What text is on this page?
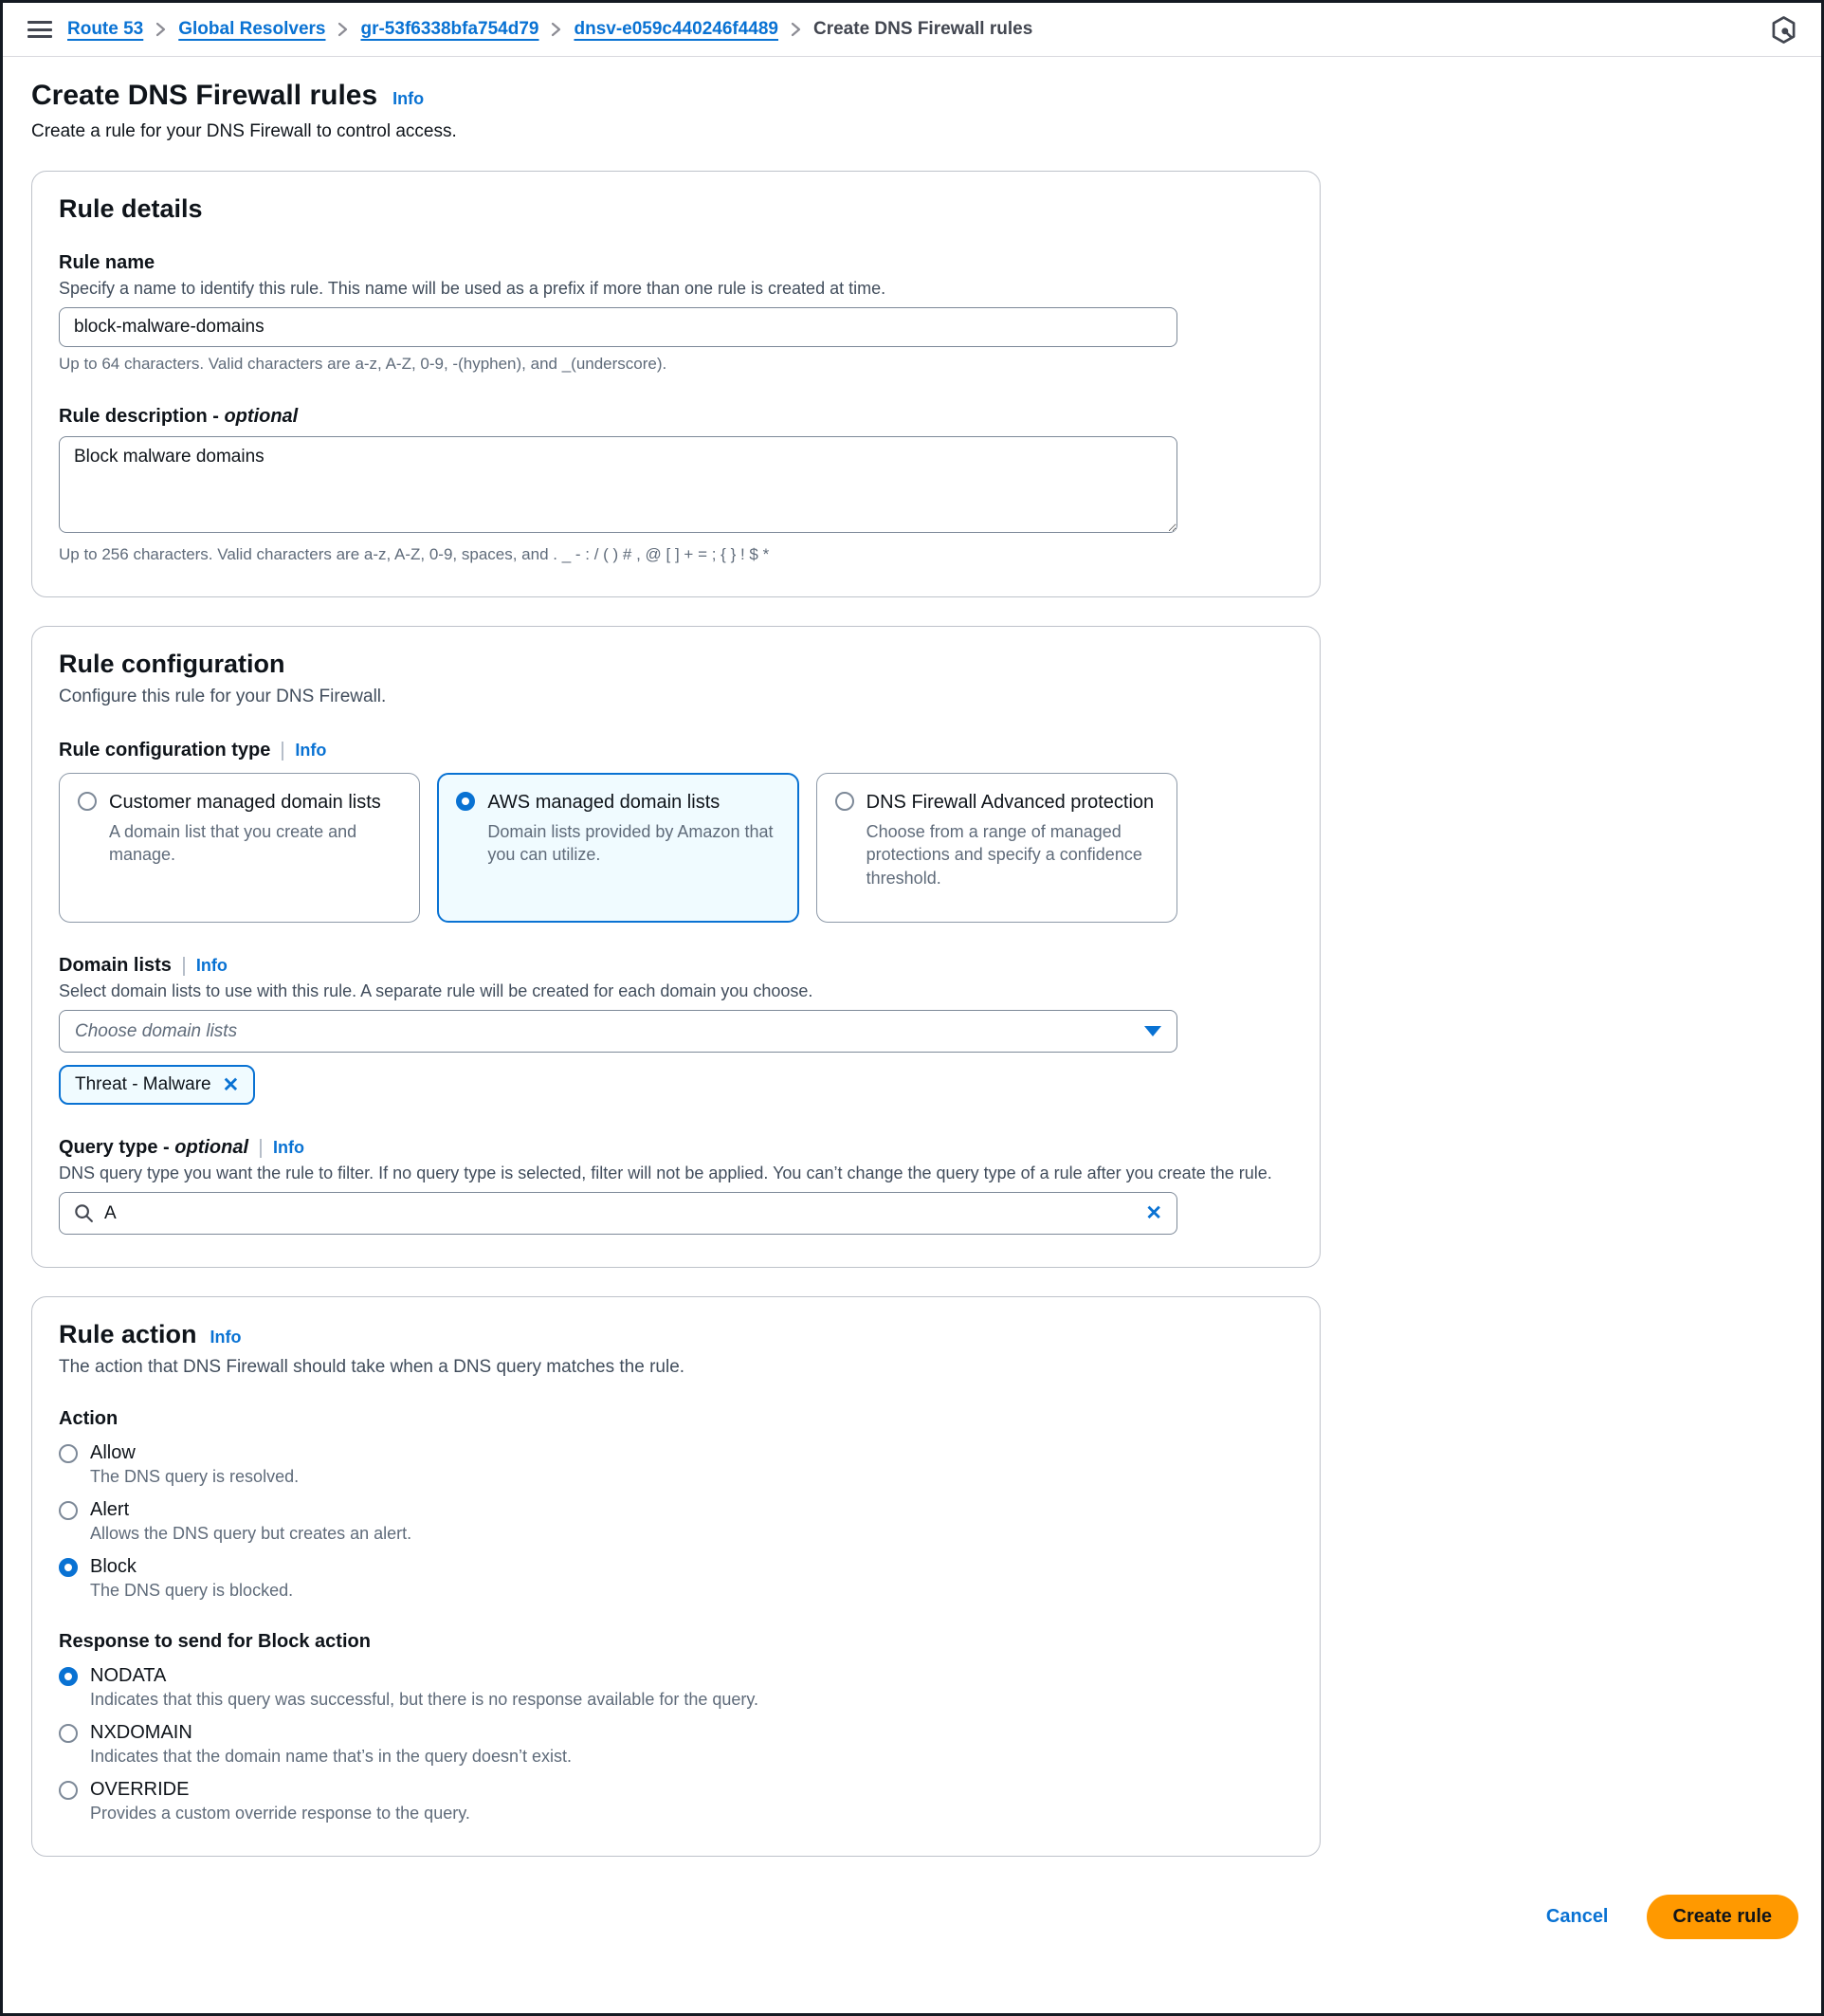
Route 53 Global Resolvers gr-53f6338bfa754d79 dnsv-e059c440246f4489 Create DNS Firewall rules
Create DNS Firewall rules Info
Create a rule for your DNS Firewall to control access.
Rule details
Rule name
Specify a name to identify this rule. This name will be used as a prefix if more than one rule is created at time.
block-malware-domains
Up to 64 characters. Valid characters are a-z, A-Z, 0-9, -(hyphen), and _(underscore).
Rule description - optional
Block malware domains
Up to 256 characters. Valid characters are a-z, A-Z, 0-9, spaces, and . _ - : / ( ) # , @ [ ] + = ; { } ! $ *
Rule configuration
Configure this rule for your DNS Firewall.
Rule configuration type Info
Customer managed domain lists
A domain list that you create and manage.
AWS managed domain lists
Domain lists provided by Amazon that you can utilize.
DNS Firewall Advanced protection
Choose from a range of managed protections and specify a confidence threshold.
Domain lists Info
Select domain lists to use with this rule. A separate rule will be created for each domain you choose.
Choose domain lists
Threat - Malware ✕
Query type - optional Info
DNS query type you want the rule to filter. If no query type is selected, filter will not be applied. You can’t change the query type of a rule after you create the rule.
A	✕
Rule action Info
The action that DNS Firewall should take when a DNS query matches the rule.
Action
Allow
The DNS query is resolved.
Alert
Allows the DNS query but creates an alert.
Block
The DNS query is blocked.
Response to send for Block action
NODATA
Indicates that this query was successful, but there is no response available for the query.
NXDOMAIN
Indicates that the domain name that’s in the query doesn’t exist.
OVERRIDE
Provides a custom override response to the query.
Cancel	Create rule
